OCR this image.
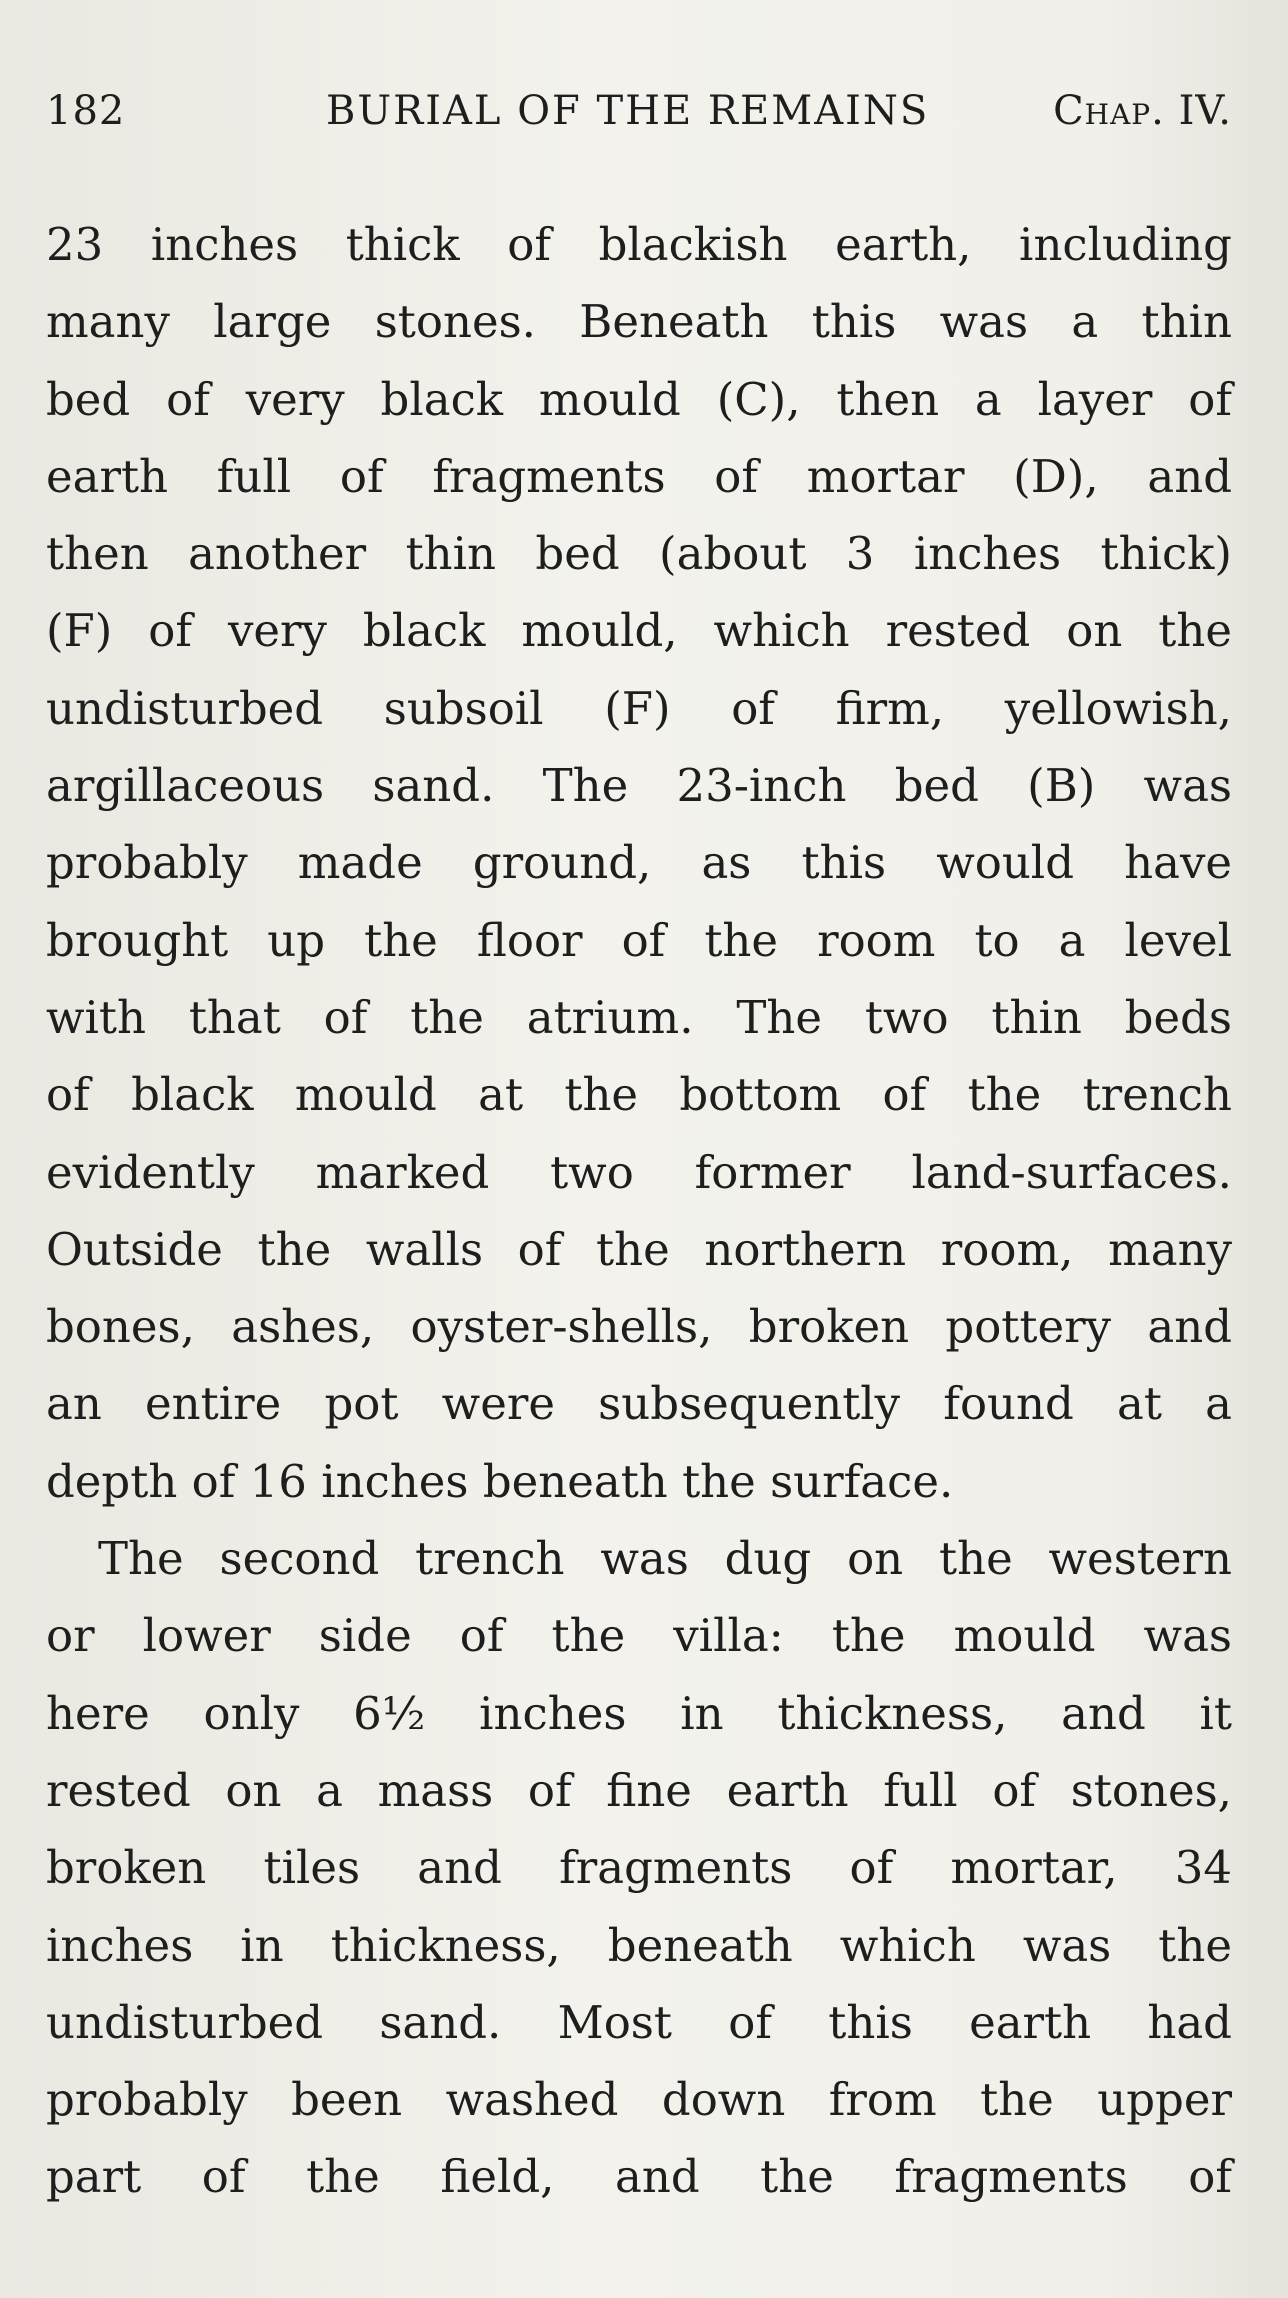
182	BURIAL OF THE REMAINS	Chap. IV.
23 inches thick of blackish earth, including
many large stones. Beneath this was a thin
bed of very black mould (C), then a layer of
earth full of fragments of mortar (D), and
then another thin bed (about 3 inches thick)
(F) of very black mould, which rested on the
undisturbed subsoil (F) of firm, yellowish,
argillaceous sand. The 23-inch bed (B) was
probably made ground, as this would have
brought up the floor of the room to a level
with that of the atrium. The two thin beds
of black mould at the bottom of the trench
evidently marked two former land-surfaces.
Outside the walls of the northern room, many
bones, ashes, oyster-shells, broken pottery and
an entire pot were subsequently found at a
depth of 16 inches beneath the surface.
The second trench was dug on the western
or lower side of the villa: the mould was
here only 6½ inches in thickness, and it
rested on a mass of fine earth full of stones,
broken tiles and fragments of mortar, 34
inches in thickness, beneath which was the
undisturbed sand. Most of this earth had
probably been washed down from the upper
part of the field, and the fragments of
